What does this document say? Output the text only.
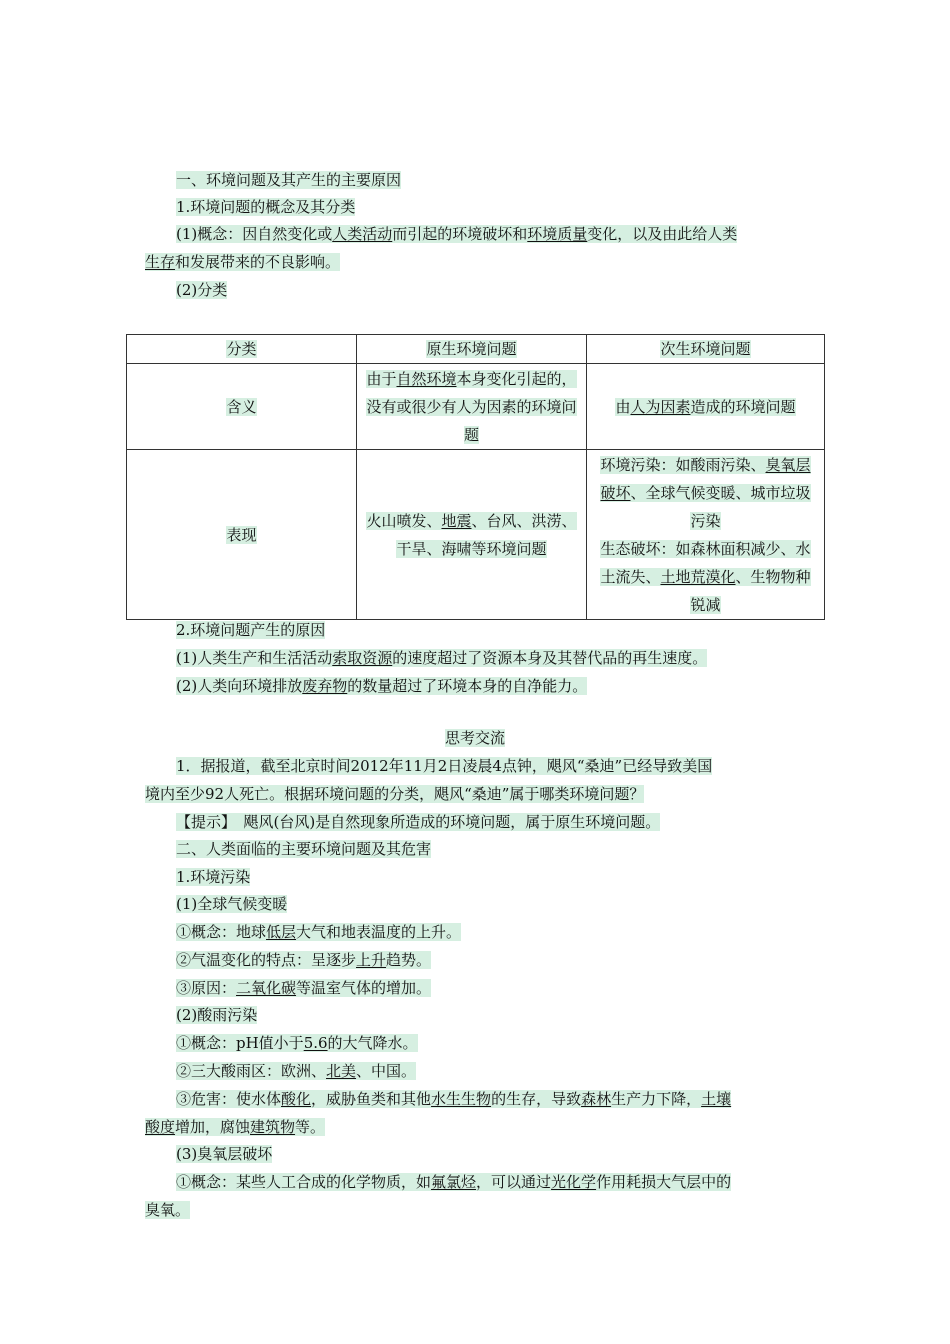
一、环境问题及其产生的主要原因
1.环境问题的概念及其分类
(1)概念：因自然变化或人类活动而引起的环境破坏和环境质量变化，以及由此给人类
生存和发展带来的不良影响。
(2)分类
分类	原生环境问题	次生环境问题
含义	由于自然环境本身变化引起的，没有或很少有人为因素的环境问题	由人为因素造成的环境问题
表现	火山喷发、地震、台风、洪涝、干旱、海啸等环境问题	环境污染：如酸雨污染、臭氧层破坏、全球气候变暖、城市垃圾污染
生态破坏：如森林面积减少、水土流失、土地荒漠化、生物物种锐减
2.环境问题产生的原因
(1)人类生产和生活活动索取资源的速度超过了资源本身及其替代品的再生速度。
(2)人类向环境排放废弃物的数量超过了环境本身的自净能力。
思考交流
1．据报道，截至北京时间2012年11月2日凌晨4点钟，飓风“桑迪”已经导致美国
境内至少92人死亡。根据环境问题的分类，飓风“桑迪”属于哪类环境问题？
【提示】　飓风(台风)是自然现象所造成的环境问题，属于原生环境问题。
二、人类面临的主要环境问题及其危害
1.环境污染
(1)全球气候变暖
①概念：地球低层大气和地表温度的上升。
②气温变化的特点：呈逐步上升趋势。
③原因：二氧化碳等温室气体的增加。
(2)酸雨污染
①概念：pH值小于5.6的大气降水。
②三大酸雨区：欧洲、北美、中国。
③危害：使水体酸化，威胁鱼类和其他水生生物的生存，导致森林生产力下降，土壤
酸度增加，腐蚀建筑物等。
(3)臭氧层破坏
①概念：某些人工合成的化学物质，如氟氯烃，可以通过光化学作用耗损大气层中的
臭氧。
